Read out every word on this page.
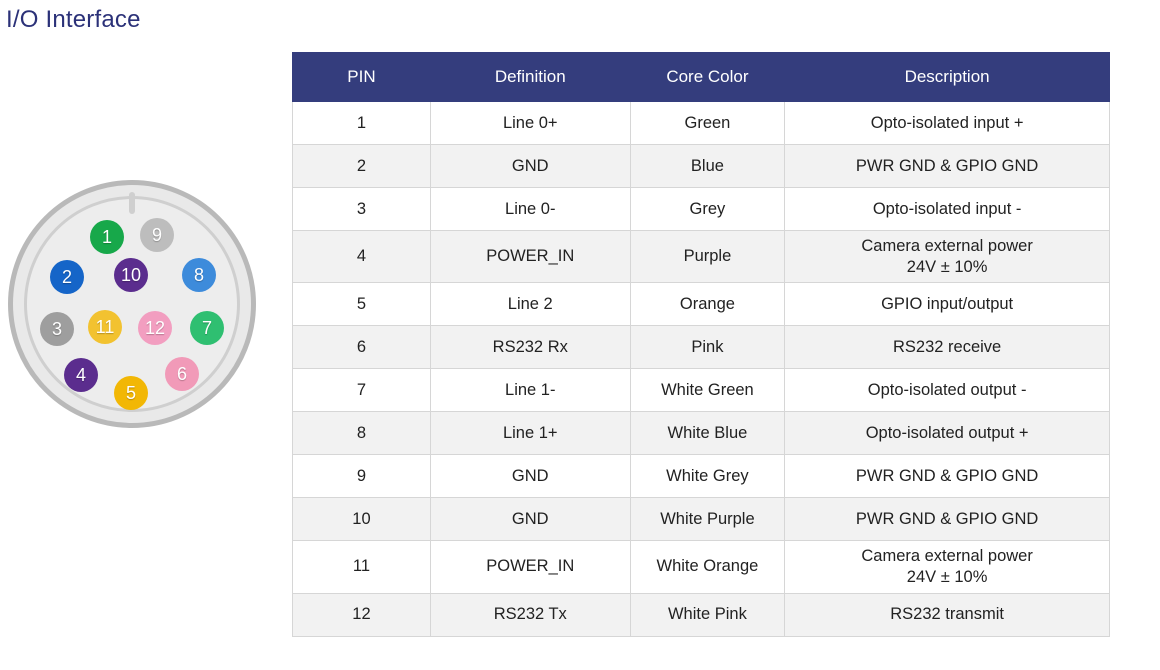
I/O Interface
1
2
3
4
5
6
7
8
9
10
11	12
PIN	Definition	Core Color	Description
1	Line 0+	Green	Opto-isolated input +
2	GND	Blue	PWR GND & GPIO GND
3	Line 0-	Grey	Opto-isolated input -
4	POWER_IN	Purple	Camera external power
24V ± 10%
5	Line 2	Orange	GPIO input/output
6	RS232 Rx	Pink	RS232 receive
7	Line 1-	White Green	Opto-isolated output -
8	Line 1+	White Blue	Opto-isolated output +
9	GND	White Grey	PWR GND & GPIO GND
10	GND	White Purple	PWR GND & GPIO GND
11	POWER_IN	White Orange	Camera external power
24V ± 10%
12	RS232 Tx	White Pink	RS232 transmit
